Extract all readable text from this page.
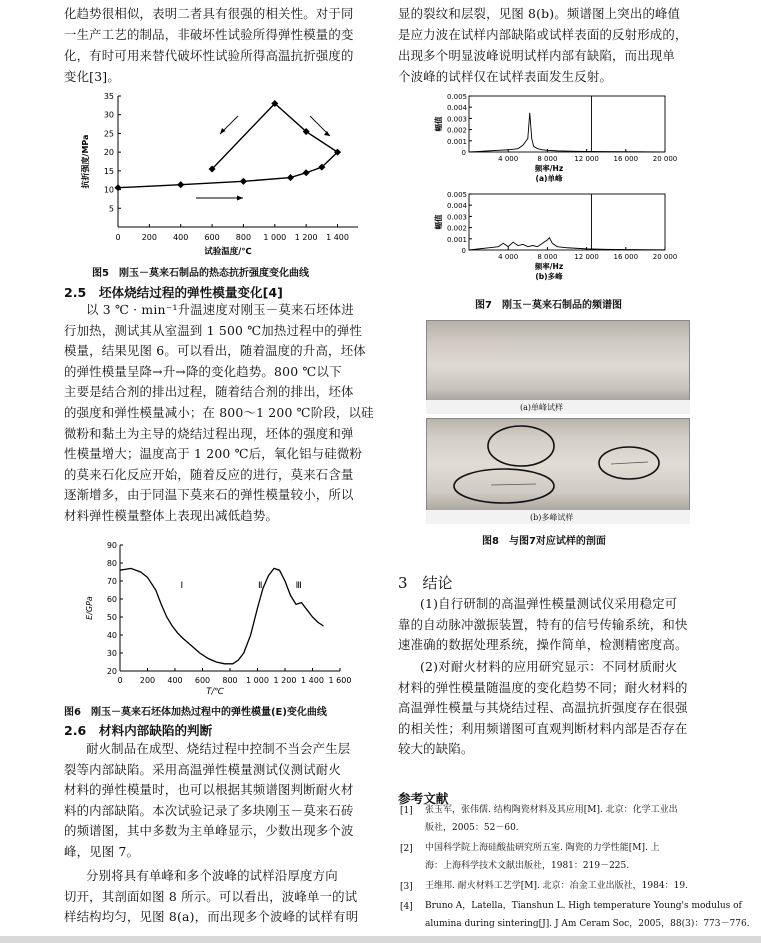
化趋势很相似，表明二者具有很强的相关性。对于同
一生产工艺的制品，非破坏性试验所得弹性模量的变
化，有时可用来替代破坏性试验所得高温抗折强度的
变化[3]。
5
10
15
20
25
30
35
0	200 400 600 800 1 000 1 200 1 400
试验温度/℃
抗折强度/MPa
图5　刚玉－莫来石制品的热态抗折强度变化曲线
2.5　坯体烧结过程的弹性模量变化[4]
以 3 ℃ · min⁻¹升温速度对刚玉－莫来石坯体进
行加热，测试其从室温到 1 500 ℃加热过程中的弹性
模量，结果见图 6。可以看出，随着温度的升高，坯体
的弹性模量呈降→升→降的变化趋势。800 ℃以下
主要是结合剂的排出过程，随着结合剂的排出，坯体
的强度和弹性模量减小；在 800～1 200 ℃阶段，以硅
微粉和黏土为主导的烧结过程出现，坯体的强度和弹
性模量增大；温度高于 1 200 ℃后，氧化铝与硅微粉
的莫来石化反应开始，随着反应的进行，莫来石含量
逐渐增多，由于同温下莫来石的弹性模量较小，所以
材料弹性模量整体上表现出减低趋势。
20
30
40
50
60
70
80
90
0 200 400 600 800 1 000 1 200 1 400 1 600
T/℃
E/GPa
Ⅰ	Ⅱ	Ⅲ
图6　刚玉－莫来石坯体加热过程中的弹性模量(E)变化曲线
2.6　材料内部缺陷的判断
耐火制品在成型、烧结过程中控制不当会产生层
裂等内部缺陷。采用高温弹性模量测试仪测试耐火
材料的弹性模量时，也可以根据其频谱图判断耐火材
料的内部缺陷。本次试验记录了多块刚玉－莫来石砖
的频谱图，其中多数为主单峰显示，少数出现多个波
峰，见图 7。
分别将具有单峰和多个波峰的试样沿厚度方向
切开，其剖面如图 8 所示。可以看出，波峰单一的试
样结构均匀，见图 8(a)，而出现多个波峰的试样有明
显的裂纹和层裂，见图 8(b)。频谱图上突出的峰值
是应力波在试样内部缺陷或试样表面的反射形成的，
出现多个明显波峰说明试样内部有缺陷，而出现单
个波峰的试样仅在试样表面发生反射。
0.001
0.002
0.003
0.004
0.005
0
4 000	8 000 12 000 16 000 20 000
频率/Hz
(a)单峰
幅值
0.001
0.002
0.003
0.004
0.005
0
4 000	8 000 12 000 16 000 20 000
频率/Hz
(b)多峰
幅值
图7　刚玉－莫来石制品的频谱图
(a)单峰试样
(b)多峰试样
图8　与图7对应试样的剖面
3　结论
(1)自行研制的高温弹性模量测试仪采用稳定可
靠的自动脉冲激振装置，特有的信号传输系统，和快
速准确的数据处理系统，操作简单，检测精密度高。
(2)对耐火材料的应用研究显示：不同材质耐火
材料的弹性模量随温度的变化趋势不同；耐火材料的
高温弹性模量与其烧结过程、高温抗折强度存在很强
的相关性；利用频谱图可直观判断材料内部是否存在
较大的缺陷。
参考文献
[1] 张玉军，张伟儒. 结构陶瓷材料及其应用[M]. 北京：化学工业出
版社，2005：52－60.
[2] 中国科学院上海硅酸盐研究所五室. 陶瓷的力学性能[M]. 上
海：上海科学技术文献出版社，1981：219－225.
[3] 王维邦. 耐火材料工艺学[M]. 北京：冶金工业出版社，1984：19.
[4] Bruno A，Latella，Tianshun L. High temperature Young's modulus of
alumina during sintering[J]. J Am Ceram Soc，2005，88(3)：773－776.
